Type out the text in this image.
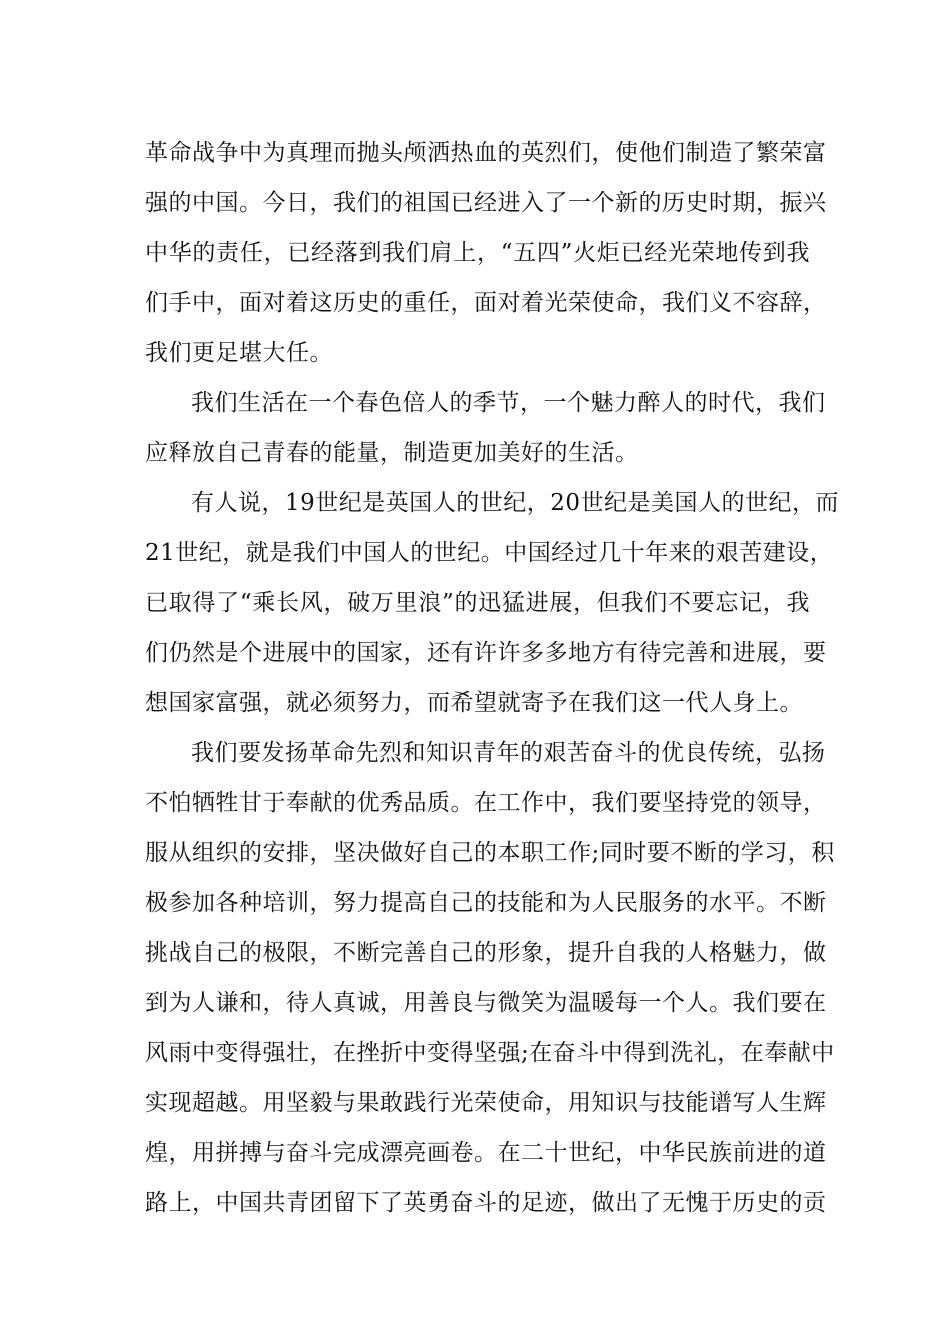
革命战争中为真理而抛头颅洒热血的英烈们，使他们制造了繁荣富
强的中国。今日，我们的祖国已经进入了一个新的历史时期，振兴
中华的责任，已经落到我们肩上，“五四”火炬已经光荣地传到我
们手中，面对着这历史的重任，面对着光荣使命，我们义不容辞，
我们更足堪大任。
我们生活在一个春色倍人的季节，一个魅力醉人的时代，我们
应释放自己青春的能量，制造更加美好的生活。
有人说，19世纪是英国人的世纪，20世纪是美国人的世纪，而
21世纪，就是我们中国人的世纪。中国经过几十年来的艰苦建设，
已取得了“乘长风，破万里浪”的迅猛进展，但我们不要忘记，我
们仍然是个进展中的国家，还有许许多多地方有待完善和进展，要
想国家富强，就必须努力，而希望就寄予在我们这一代人身上。
我们要发扬革命先烈和知识青年的艰苦奋斗的优良传统，弘扬
不怕牺牲甘于奉献的优秀品质。在工作中，我们要坚持党的领导，
服从组织的安排，坚决做好自己的本职工作;同时要不断的学习，积
极参加各种培训，努力提高自己的技能和为人民服务的水平。不断
挑战自己的极限，不断完善自己的形象，提升自我的人格魅力，做
到为人谦和，待人真诚，用善良与微笑为温暖每一个人。我们要在
风雨中变得强壮，在挫折中变得坚强;在奋斗中得到洗礼，在奉献中
实现超越。用坚毅与果敢践行光荣使命，用知识与技能谱写人生辉
煌，用拼搏与奋斗完成漂亮画卷。在二十世纪，中华民族前进的道
路上，中国共青团留下了英勇奋斗的足迹，做出了无愧于历史的贡
